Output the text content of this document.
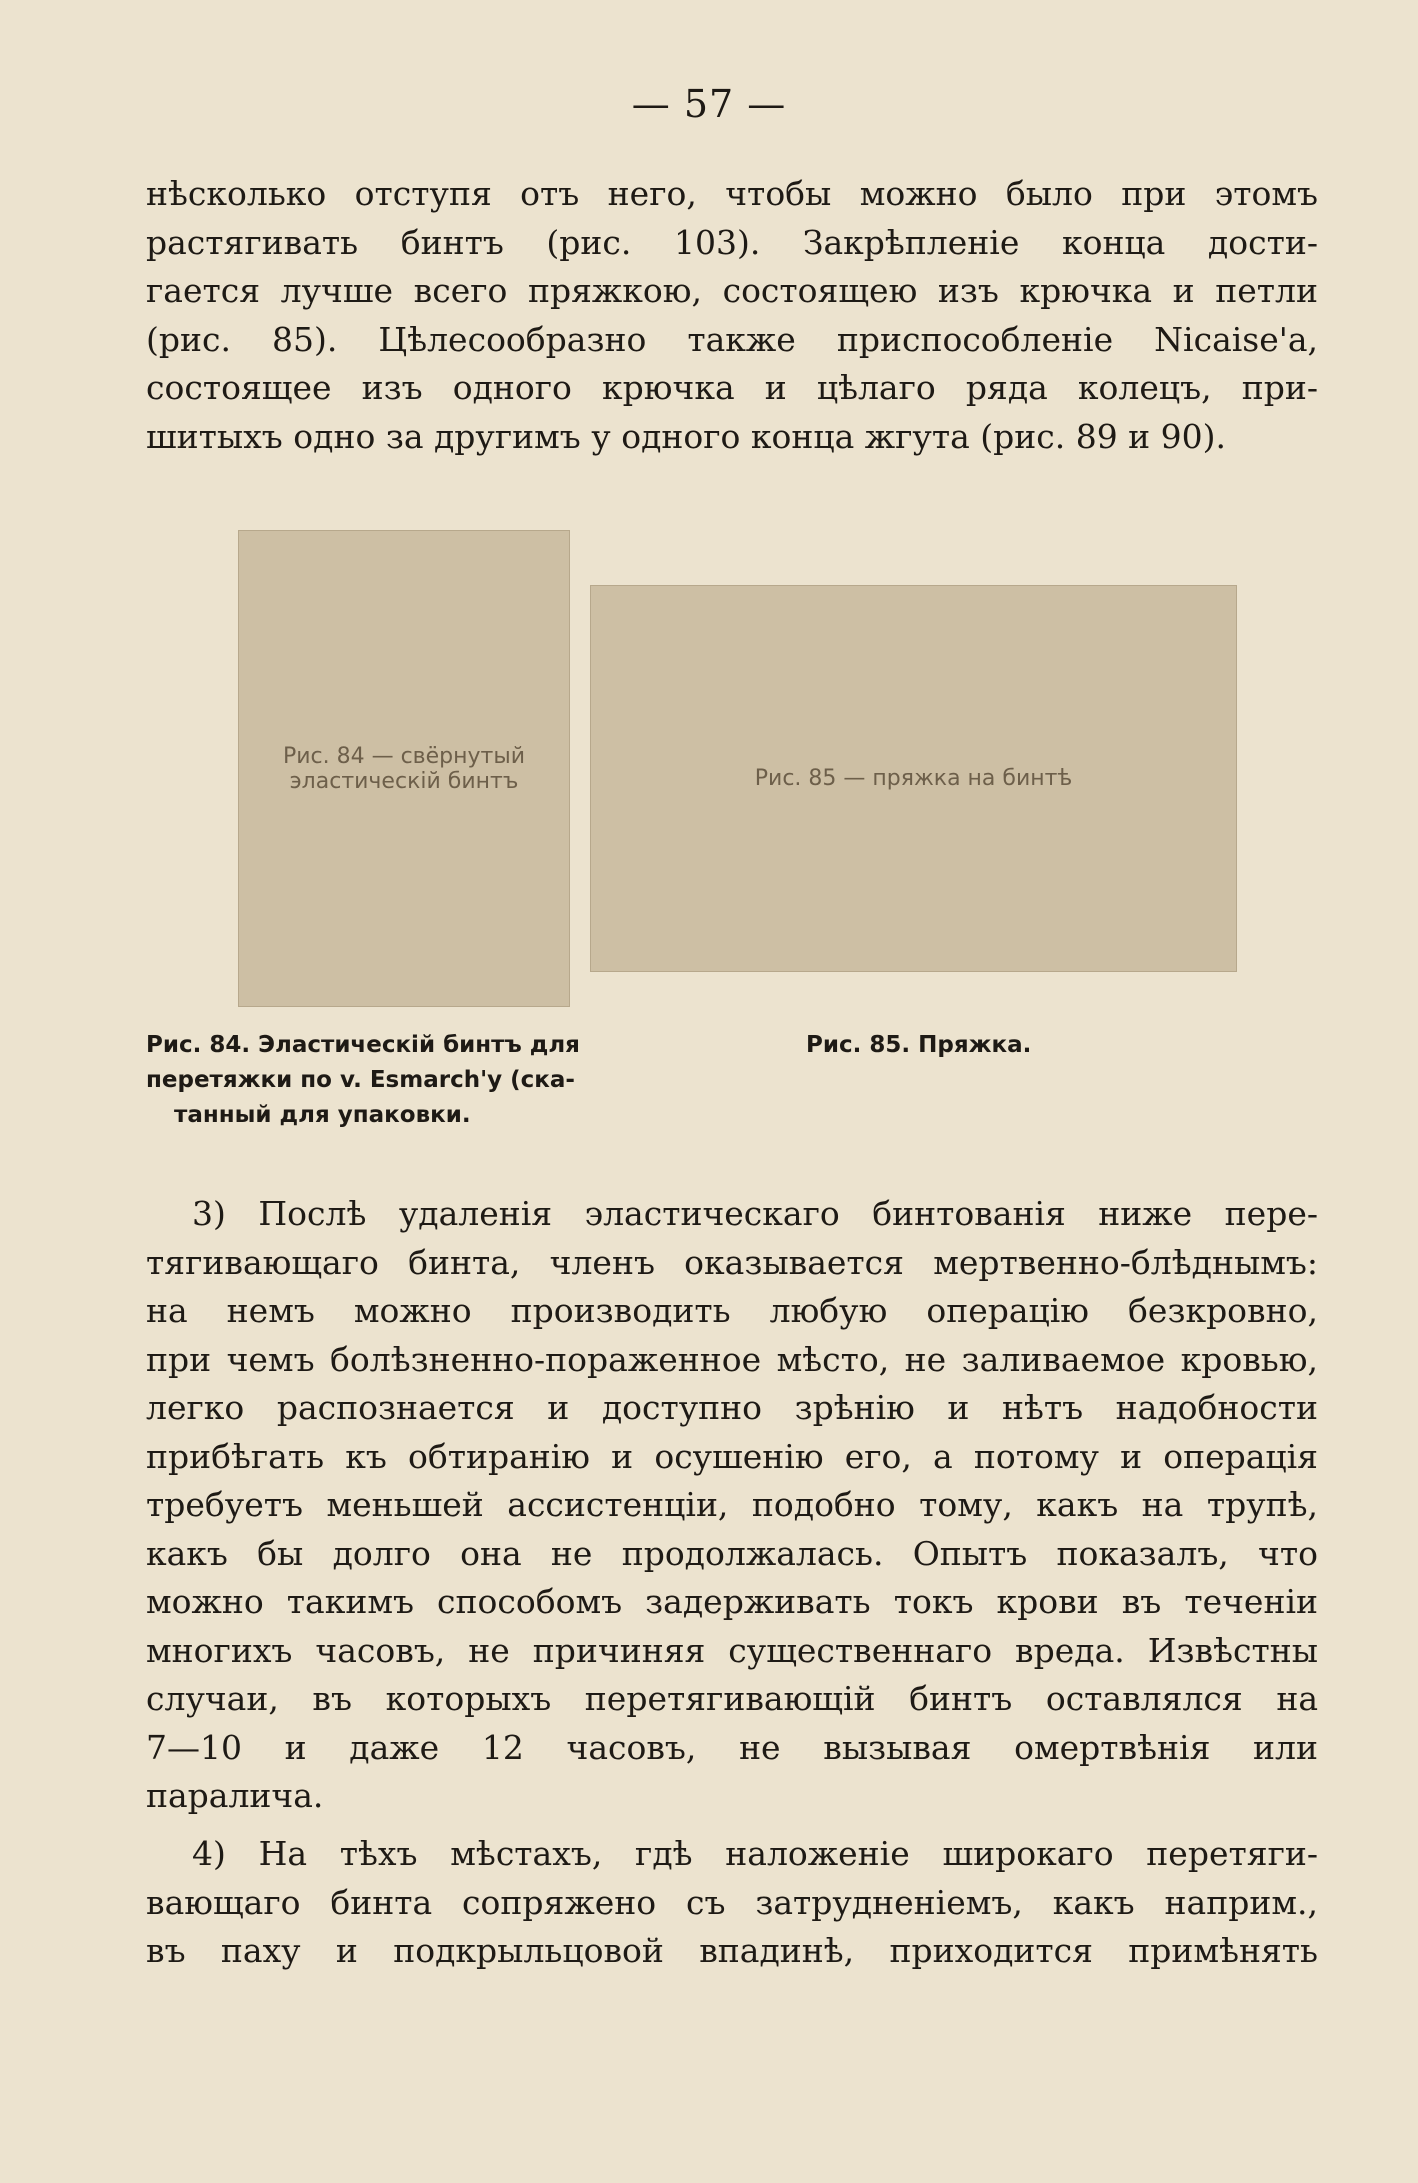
— 57 —

нѣсколько отступя отъ него, чтобы можно было при этомъ
растягивать бинтъ (рис. 103). Закрѣпленіе конца дости-
гается лучше всего пряжкою, состоящею изъ крючка и петли
(рис. 85). Цѣлесообразно также приспособленіе Nicaise'a,
состоящее изъ одного крючка и цѣлаго ряда колецъ, при-
шитыхъ одно за другимъ у одного конца жгута (рис. 89 и 90).

Рис. 84 — свёрнутый эластическій бинтъ	Рис. 85 — пряжка на бинтѣ

Рис. 84. Эластическій бинтъ для
перетяжки по v. Esmarch'у (ска-
танный для упаковки.

Рис. 85. Пряжка.

3) Послѣ удаленія эластическаго бинтованія ниже пере-
тягивающаго бинта, членъ оказывается мертвенно-блѣднымъ:
на немъ можно производить любую операцію безкровно,
при чемъ болѣзненно-пораженное мѣсто, не заливаемое кровью,
легко распознается и доступно зрѣнію и нѣтъ надобности
прибѣгать къ обтиранію и осушенію его, а потому и операція
требуетъ меньшей ассистенціи, подобно тому, какъ на трупѣ,
какъ бы долго она не продолжалась. Опытъ показалъ, что
можно такимъ способомъ задерживать токъ крови въ теченіи
многихъ часовъ, не причиняя существеннаго вреда. Извѣстны
случаи, въ которыхъ перетягивающій бинтъ оставлялся на
7—10 и даже 12 часовъ, не вызывая омертвѣнія или
паралича.

4) На тѣхъ мѣстахъ, гдѣ наложеніе широкаго перетяги-
вающаго бинта сопряжено съ затрудненіемъ, какъ наприм.,
въ паху и подкрыльцовой впадинѣ, приходится примѣнять
